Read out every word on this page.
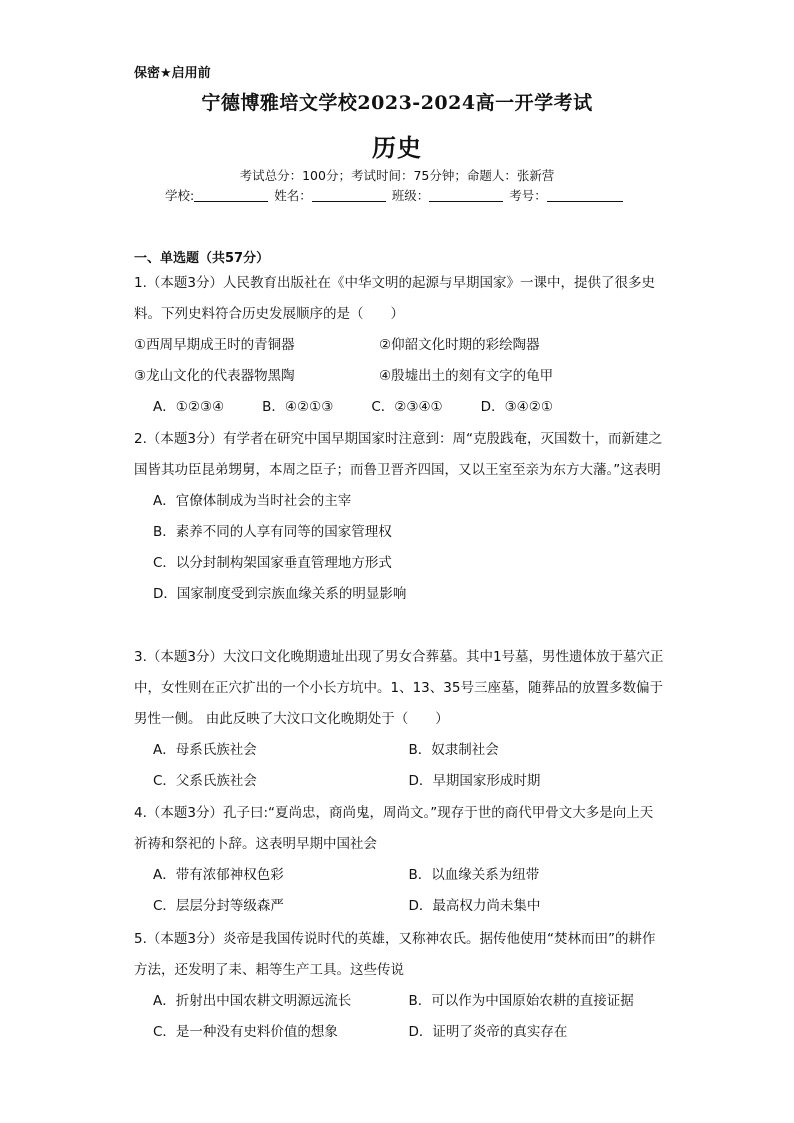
保密★启用前
宁德博雅培文学校2023-2024高一开学考试
历史
考试总分：100分；考试时间：75分钟；命题人：张新营
学校:	姓名：	班级：	考号：
一、单选题（共57分）

1.（本题3分）人民教育出版社在《中华文明的起源与早期国家》一课中，提供了很多史料。下列史料符合历史发展顺序的是（　　）

①西周早期成王时的青铜器	②仰韶文化时期的彩绘陶器
③龙山文化的代表器物黑陶	④殷墟出土的刻有文字的龟甲
A．①②③④	B．④②①③	C．②③④①	D．③④②①

2.（本题3分）有学者在研究中国早期国家时注意到：周“克殷践奄，灭国数十，而新建之国皆其功臣昆弟甥舅，本周之臣子；而鲁卫晋齐四国，又以王室至亲为东方大藩。”这表明

A．官僚体制成为当时社会的主宰
B．素养不同的人享有同等的国家管理权
C．以分封制构架国家垂直管理地方形式
D．国家制度受到宗族血缘关系的明显影响

3.（本题3分）大汶口文化晚期遗址出现了男女合葬墓。其中1号墓，男性遗体放于墓穴正中，女性则在正穴扩出的一个小长方坑中。1、13、35号三座墓，随葬品的放置多数偏于男性一侧。 由此反映了大汶口文化晚期处于（　　）

A．母系氏族社会	B．奴隶制社会
C．父系氏族社会	D．早期国家形成时期

4.（本题3分）孔子曰:“夏尚忠，商尚鬼，周尚文。”现存于世的商代甲骨文大多是向上天祈祷和祭祀的卜辞。这表明早期中国社会

A．带有浓郁神权色彩	B．以血缘关系为纽带
C．层层分封等级森严	D．最高权力尚未集中

5.（本题3分）炎帝是我国传说时代的英雄，又称神农氏。据传他使用“焚林而田”的耕作方法，还发明了耒、耜等生产工具。这些传说

A．折射出中国农耕文明源远流长	B．可以作为中国原始农耕的直接证据
C．是一种没有史料价值的想象	D．证明了炎帝的真实存在
